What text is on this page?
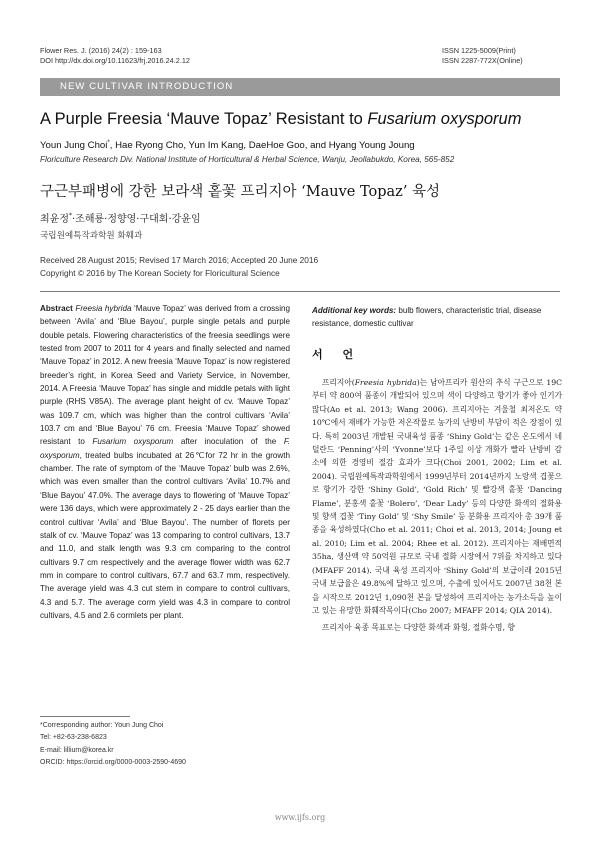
Flower Res. J. (2016) 24(2) : 159-163
DOI http://dx.doi.org/10.11623/frj.2016.24.2.12
ISSN 1225-5009(Print)
ISSN 2287-772X(Online)
NEW CULTIVAR INTRODUCTION
A Purple Freesia ‘Mauve Topaz’ Resistant to Fusarium oxysporum
Youn Jung Choi*, Hae Ryong Cho, Yun Im Kang, DaeHoe Goo, and Hyang Young Joung
Floriculture Research Div. National Institute of Horticultural & Herbal Science, Wanju, Jeollabukdo, Korea, 565-852
구근부패병에 강한 보라색 홑꽃 프리지아 ‘Mauve Topaz’ 육성
최윤정*·조해룡·정향영·구대회·강윤임
국립원예특작과학원 화훼과
Received 28 August 2015; Revised 17 March 2016; Accepted 20 June 2016
Copyright © 2016 by The Korean Society for Floricultural Science
Abstract Freesia hybrida ‘Mauve Topaz’ was derived from a crossing between ‘Avila’ and ‘Blue Bayou’, purple single petals and purple double petals. Flowering characteristics of the freesia seedlings were tested from 2007 to 2011 for 4 years and finally selected and named ‘Mauve Topaz’ in 2012. A new freesia ‘Mauve Topaz’ is now registered breeder’s right, in Korea Seed and Variety Service, in November, 2014. A Freesia ‘Mauve Topaz’ has single and middle petals with light purple (RHS V85A). The average plant height of cv. ‘Mauve Topaz’ was 109.7 cm, which was higher than the control cultivars ‘Avila’ 103.7 cm and ‘Blue Bayou’ 76 cm. Freesia ‘Mauve Topaz’ showed resistant to Fusarium oxysporum after inoculation of the F. oxysporum, treated bulbs incubated at 26℃for 72 hr in the growth chamber. The rate of symptom of the ‘Mauve Topaz’ bulb was 2.6%, which was even smaller than the control cultivars ‘Avila’ 10.7% and ‘Blue Bayou’ 47.0%. The average days to flowering of ‘Mauve Topaz’ were 136 days, which were approximately 2 - 25 days earlier than the control cultivar ‘Avila’ and ‘Blue Bayou’. The number of florets per stalk of cv. ‘Mauve Topaz’ was 13 comparing to control cultivars, 13.7 and 11.0, and stalk length was 9.3 cm comparing to the control cultivars 9.7 cm respectively and the average flower width was 62.7 mm in compare to control cultivars, 67.7 and 63.7 mm, respectively. The average yield was 4.3 cut stem in compare to control cultivars, 4.3 and 5.7. The average corm yield was 4.3 in compare to control cultivars, 4.5 and 2.6 cormlets per plant.
*Corresponding author: Youn Jung Choi
Tel: +82-63-238-6823
E-mail: lillium@korea.kr
ORCID: https://orcid.org/0000-0003-2590-4690
Additional key words: bulb flowers, characteristic trial, disease resistance, domestic cultivar
서 언

프리지아(Freesia hybrida)는 남아프리카 원산의 추식 구근으로 19C 부터 약 800여 품종이 개발되어 있으며 색이 다양하고 향기가 좋아 인기가 많다(Ao et al. 2013; Wang 2006). 프리지아는 겨울철 최저온도 약 10℃에서 재배가 가능한 저온작물로 농가의 난방비 부담이 적은 장점이 있다. 특히 2003년 개발된 국내육성 품종 ‘Shiny Gold’는 같은 온도에서 네덜란드 ‘Penning’사의 ‘Yvonne’보다 1주일 이상 개화가 빨라 난방비 감소에 의한 경영비 절감 효과가 크다(Choi 2001, 2002; Lim et al. 2004). 국립원예특작과학원에서 1999년부터 2014년까지 노랑색 겹꽃으로 향기가 강한 ‘Shiny Gold’, ‘Gold Rich’ 및 빨강색 홑꽃 ‘Dancing Flame’, 분홍색 홑꽃 ‘Bolero’, ‘Dear Lady’ 등의 다양한 화색의 절화용 및 향색 겹꽃 ‘Tiny Gold’ 및 ‘Shy Smile’ 등 분화용 프리지아 총 39개 품종을 육성하였다(Cho et al. 2011; Choi et al. 2013, 2014; Joung et al. 2010; Lim et al. 2004; Rhee et al. 2012). 프리지아는 재배면적 35ha, 생산액 약 50억원 규모로 국내 절화 시장에서 7위를 차지하고 있다(MFAFF 2014). 국내 육성 프리지아 ‘Shiny Gold’의 보급이래 2015년 국내 보급율은 49.8%에 달하고 있으며, 수출에 있어서도 2007년 38천 본을 시작으로 2012년 1,090천 본을 달성하여 프리지아는 농가소득을 높이고 있는 유망한 화훼작목이다(Cho 2007; MFAFF 2014; QIA 2014).

프리지아 육종 목표로는 다양한 화색과 화형, 절화수명, 향

www.ijfs.org
